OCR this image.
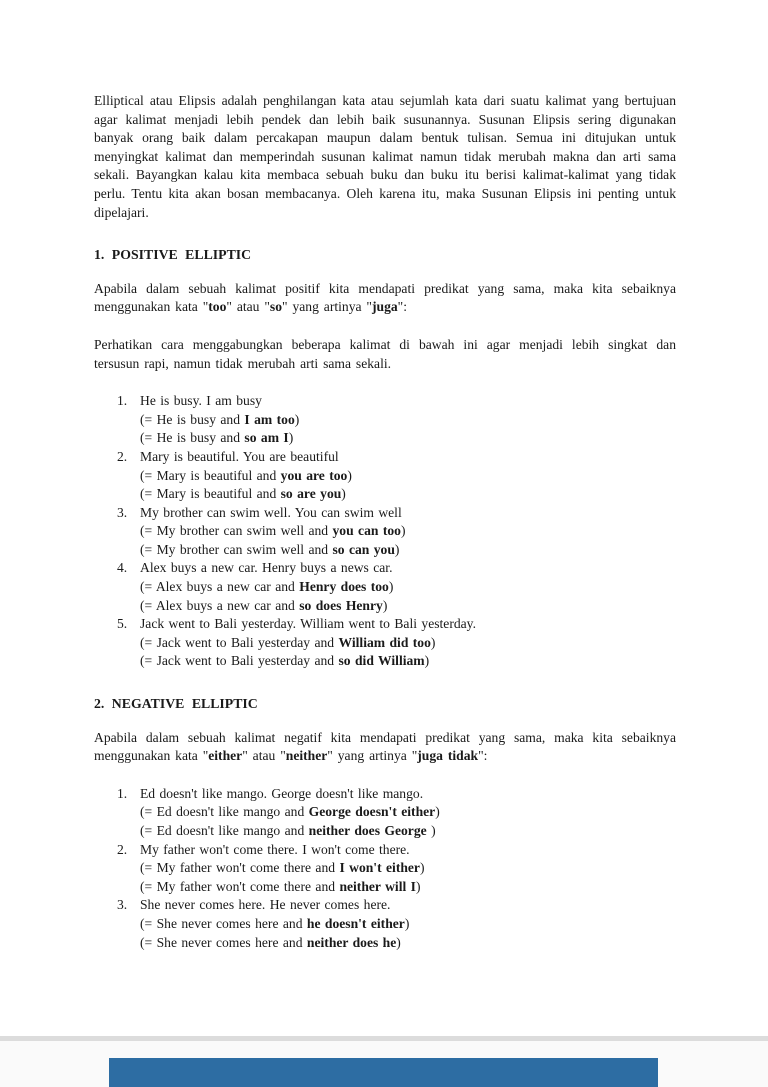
Elliptical atau Elipsis adalah penghilangan kata atau sejumlah kata dari suatu kalimat yang bertujuan agar kalimat menjadi lebih pendek dan lebih baik susunannya. Susunan Elipsis sering digunakan banyak orang baik dalam percakapan maupun dalam bentuk tulisan. Semua ini ditujukan untuk menyingkat kalimat dan memperindah susunan kalimat namun tidak merubah makna dan arti sama sekali. Bayangkan kalau kita membaca sebuah buku dan buku itu berisi kalimat-kalimat yang tidak perlu. Tentu kita akan bosan membacanya. Oleh karena itu, maka Susunan Elipsis ini penting untuk dipelajari.

1. POSITIVE ELLIPTIC

Apabila dalam sebuah kalimat positif kita mendapati predikat yang sama, maka kita sebaiknya menggunakan kata "too" atau "so" yang artinya "juga":

Perhatikan cara menggabungkan beberapa kalimat di bawah ini agar menjadi lebih singkat dan tersusun rapi, namun tidak merubah arti sama sekali.

1. He is busy. I am busy
(= He is busy and I am too)
(= He is busy and so am I)
2. Mary is beautiful. You are beautiful
(= Mary is beautiful and you are too)
(= Mary is beautiful and so are you)
3. My brother can swim well. You can swim well
(= My brother can swim well and you can too)
(= My brother can swim well and so can you)
4. Alex buys a new car. Henry buys a news car.
(= Alex buys a new car and Henry does too)
(= Alex buys a new car and so does Henry)
5. Jack went to Bali yesterday. William went to Bali yesterday.
(= Jack went to Bali yesterday and William did too)
(= Jack went to Bali yesterday and so did William)
2. NEGATIVE ELLIPTIC

Apabila dalam sebuah kalimat negatif kita mendapati predikat yang sama, maka kita sebaiknya menggunakan kata "either" atau "neither" yang artinya "juga tidak":

1. Ed doesn't like mango. George doesn't like mango.
(= Ed doesn't like mango and George doesn't either)
(= Ed doesn't like mango and neither does George )
2. My father won't come there. I won't come there.
(= My father won't come there and I won't either)
(= My father won't come there and neither will I)
3. She never comes here. He never comes here.
(= She never comes here and he doesn't either)
(= She never comes here and neither does he)
